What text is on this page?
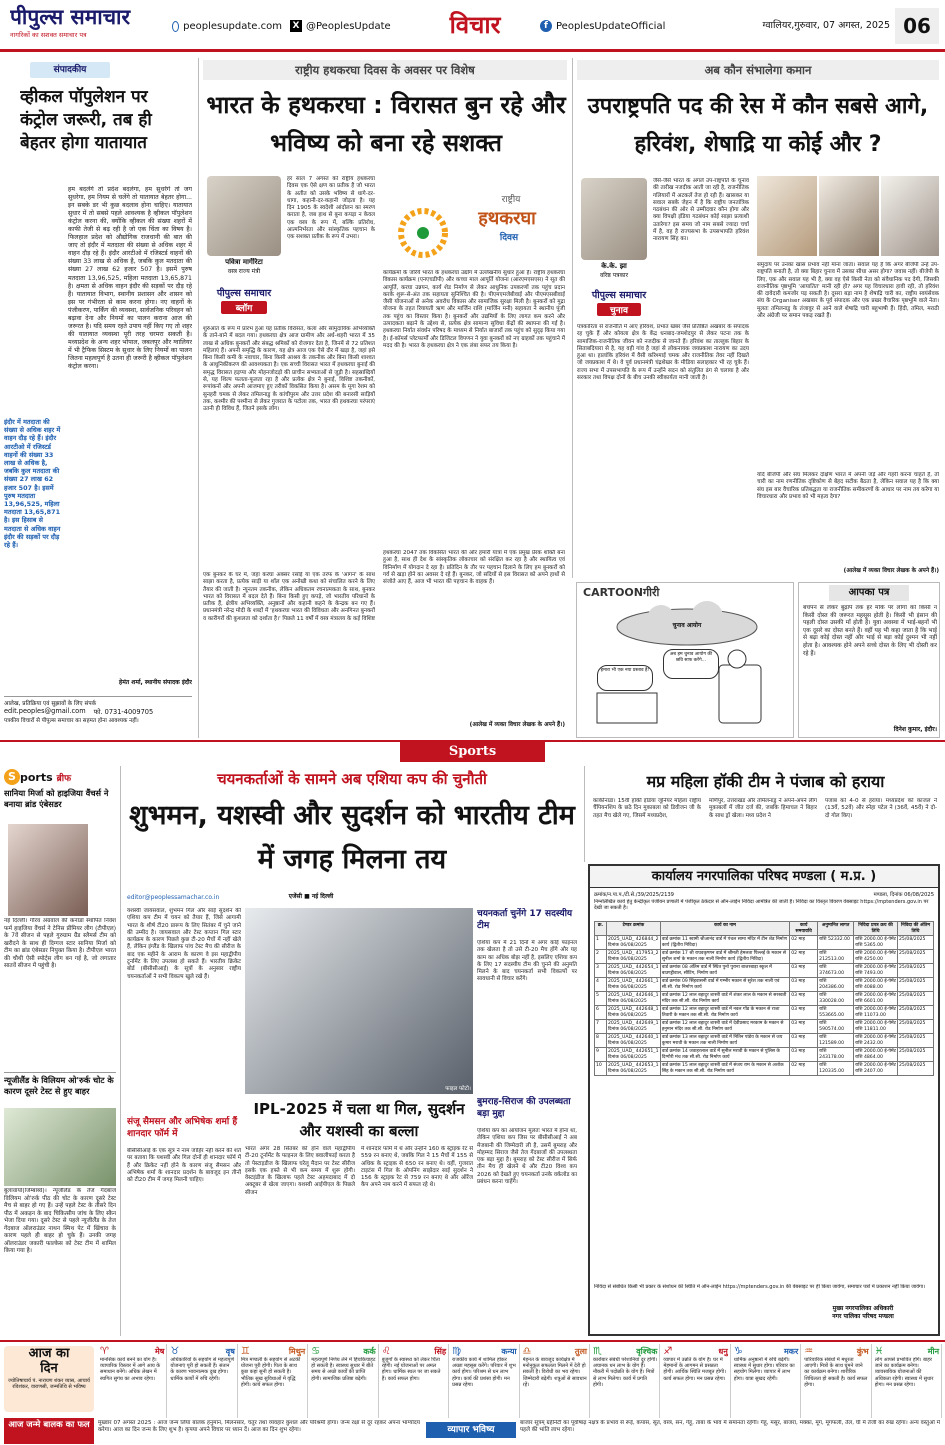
पीपुल्स समाचार
नागरिकों का सशक्त समाचार पत्र
peoplesupdate.com X @PeoplesUpdate	विचार	f PeoplesUpdateOfficial	ग्वालियर,गुरुवार, 07 अगस्त, 2025 06
संपादकीय
व्हीकल पॉपुलेशन पर कंट्रोल जरूरी, तब ही बेहतर होगा यातायात
इंदौर में मतदाता की संख्या से अधिक शहर में वाहन दौड़ रहे हैं। इंदौर आरटीओ में रजिस्टर्ड वाहनों की संख्या 33 लाख से अधिक है, जबकि कुल मतदाता की संख्या 27 लाख 62 हजार 507 है। इसमें पुरुष मतदाता 13,96,525, महिला मतदाता 13,65,871 है। इस हिसाब से मतदाता से अधिक वाहन इंदौर की सड़कों पर दौड़ रहे हैं।
हम बदलेंगे तो प्रदेश बदलेगा, हम सुधरेंगे तो जग सुधरेगा, हम नियम से चलेंगे तो यातायात बेहतर होगा... इन सबके डर भी कुछ बदलाव होना चाहिए। यातायात सुधार में तो सबसे पहले आवश्यक है व्हीकल पॉपुलेशन कंट्रोल करना की, क्योंकि व्हीकल की संख्या शहरों में काफी तेजी से बढ़ रही है जो एक चिंता का विषय है। फिलहाल प्रदेश को औद्योगिक राजधानी की बात की जाए तो इंदौर में मतदाता की संख्या से अधिक शहर में वाहन दौड़ रहे हैं। इंदौर आरटीओ में रजिस्टर्ड वाहनों की संख्या 33 लाख से अधिक है, जबकि कुल मतदाता की संख्या 27 लाख 62 हजार 507 है। इसमें पुरुष मतदाता 13,96,525, महिला मतदाता 13,65,871 है। क्षमता से अधिक वाहन इंदौर की सड़कों पर दौड़ रहे हैं। यातायात विभाग, स्थानीय प्रशासन और शासन को इस पर गंभीरता से काम करना होगा। नए वाहनों के पंजीकरण, पार्किंग की व्यवस्था, सार्वजनिक परिवहन को बढ़ावा देना और नियमों का पालन कराना आज की जरूरत है। यदि समय रहते उपाय नहीं किए गए तो शहर की यातायात व्यवस्था पूरी तरह चरमरा सकती है। मध्यप्रदेश के अन्य शहर भोपाल, जबलपुर और ग्वालियर में भी ट्रैफिक सिस्टम के सुधार के लिए नियमों का पालन जितना महत्वपूर्ण है उतना ही जरूरी है व्हीकल पॉपुलेशन कंट्रोल करना।
हेमंत शर्मा, स्थानीय संपादक इंदौर
आलेख, प्रतिक्रिया एवं सुझावों के लिए संपर्क
edit.peoples@gmail.com फो. 0731-4009705
पत्रकीय विचारों से पीपुल्स समाचार का सहमत होना आवश्यक नहीं।
राष्ट्रीय हथकरघा दिवस के अवसर पर विशेष
भारत के हथकरघा : विरासत बुन रहे और भविष्य को बना रहे सशक्त
पवित्रा मार्गेरिटा
वस्त्र राज्य मंत्री
पीपुल्स समाचार
ब्लॉग
हर साल 7 अगस्त को राष्ट्रीय हथकरघा दिवस एक ऐसे क्षण का प्रतीक है जो भारत के अतीत को उसके भविष्य से धागे-दर-धागा, कहानी-दर-कहानी जोड़ता है। यह दिन 1905 के स्वदेशी आंदोलन का स्मरण कराता है, जब हाथ से बुना कपड़ा न केवल एक वस्त्र के रूप में, बल्कि प्रतिरोध, आत्मनिर्भरता और सांस्कृतिक पहचान के एक सशक्त प्रतीक के रूप में उभरा।
राष्ट्रीय
हथकरघा
दिवस
शुरुआत के रूप में प्रारंभ हुआ यह प्रतीक विरासत, कला और सामुदायिक अभिव्यक्ति के ताने-बाने में बदल गया। हथकरघा क्षेत्र आज ग्रामीण और अर्ध-शहरी भारत में 35 लाख से अधिक बुनकरों और संबद्ध श्रमिकों को रोजगार देता है, जिनमें से 72 प्रतिशत महिलाएं हैं। अपनी समृद्धि के कारण, यह क्षेत्र आज एक ऐसे दौर में खड़ा है, जहां इसे बिना किसी कमी के नवाचार, बिना किसी आश्रय के तकनीक और बिना किसी शाश्वत के आधुनिकीकरण की आवश्यकता है। एक सच्ची विरासत भारत में हथकरघा बुनाई की समृद्ध विरासत हड़प्पा और मोहनजोदड़ो की प्राचीन सभ्यताओं से जुड़ी है। सहस्राब्दियों से, यह शिल्प फलता-फूलता रहा है और प्रत्येक क्षेत्र ने बुनाई, विशिष्ट तकनीकों, रूपांकनों और अपनी आजमाए हुए तरीकों विकसित किया है। असम के मूगा रेशम को सुनहरी चमक से लेकर तमिलनाडु के कांचीपुरम और उत्तर प्रदेश की बनारसी साड़ियों तक, कश्मीर की पश्मीना से लेकर गुजरात के पटोला तक, भारत की हथकरघा परंपराएं उतनी ही विविध हैं, जितने इसके लोग।
एक बुनकर के घर में, जहां करघा अक्सर रसोई या एक तरफ के 'आंगन' के साथ साझा करता है, प्रत्येक साड़ी या शॉल एक अनोखी कथा को संचालित करने के लिए तैयार की जाती है। न्यूनतम तकनीक, लेकिन अधिकतम रचनात्मकता के साथ, बुनकर भारत को विरासत में बदल देते हैं। बिना किसी हुए कपड़े, जो भारतीय परिधानों के प्रतीक हैं, क्षेत्रीय अभिव्यक्ति, अनुष्ठानों और कहानी कहने के केन्द्रक बन गए हैं। प्रधानमंत्री नरेन्द्र मोदी के शब्दों में 'हथकरघा भारत की विविधता और अनगिनत बुनकरों व कारीगरों की कुशलता को दर्शाता है।' पिछले 11 वर्षों में वस्त्र मंत्रालय के कई विशिष्ट
कार्यक्रमों के जरिये भारत के हथकरघा उद्योग में उल्लेखनीय सुधार हुआ है। राष्ट्रीय हथकरघा विकास कार्यक्रम (एनएचडीपी) और कच्चा माल आपूर्ति योजना (आरएमएसएस) ने सूत की आपूर्ति, करघा उन्नयन, कार्य शेड निर्माण से लेकर आधुनिक उपकरणों तक पहुंच प्रदान करके शुरू-से-अंत तक सहायता सुनिश्चित की है। पीएमएमजेबीवाई और पीएमएसबीवाई जैसी योजनाओं से अनेक अवरोध विकास और सामाजिक सुरक्षा मिली है। बुनकरों को मुद्रा योजना के तहत रियायती ऋण और मार्जिन राशि (मार्जिन मनी) सहायता ने स्थानीय पूंजी तक पहुंच का विस्तार किया है। बुनकरों और उद्यमियों के लिए लागत कम करने और उत्पादकता बढ़ाने के उद्देश्य से, प्रत्येक क्षेत्र सामान्य सुविधा केंद्रों की स्थापना की गई है। हथकरघा निर्यात संवर्धन परिषद के माध्यम से निर्यात बाजारों तक पहुंच को सुदृढ़ किया गया है। ई-कॉमर्स प्लेटफार्मों और डिजिटल विपणन ने युवा बुनकरों को नए ग्राहकों तक पहुंचाने में मदद की है। भारत के हथकरघा क्षेत्र ने एक लंबा सफर तय किया है।
हथकरघा 2047 तक विकसित भारत की ओर हमारी यात्रा में एक प्रमुख प्रेरक शक्ति बना हुआ है, साथ ही देश के सांस्कृतिक लोकाचार को संरक्षित कर रहा है और स्थायित्व एवं विनिर्माण में योगदान दे रहा है। प्रतिदिन के तौर पर पहचान दिलाने के लिए हम बुनकरों को गर्व से खड़ा होने का अवसर दे रहे हैं। बुनकर, जो सदियों से इस विरासत को अपने हाथों से संजोते आए हैं, आज भी भारत की पहचान के वाहक हैं।
(आलेख में व्यक्त विचार लेखक के अपने हैं।)
अब कौन संभालेगा कमान
उपराष्ट्रपति पद की रेस में कौन सबसे आगे, हरिवंश, शेषाद्रि या कोई और ?
के.के. झा
वरिष्ठ पत्रकार
पीपुल्स समाचार
चुनाव
जैसे-जैसे भारत के अगले उप-राष्ट्रपति के चुनाव की तारीख नजदीक आती जा रही है, राजनीतिक गलियारों में अटकलें तेज हो रही हैं। खासकर या सवाल सबके जेहन में है कि राष्ट्रीय जनतांत्रिक गठबंधन की ओर से उम्मीदवार कौन होगा और क्या विपक्षी इंडिया गठबंधन कोई साझा प्रत्याशी उतारेगा? इस समय जो नाम सबसे ज्यादा चर्चा में है, वह है राज्यसभा के उपसभापति हरिवंश नारायण सिंह का।
पत्रकारिता से राजनीति में आए हरिवंश, प्रभात खबर जैसे प्रतिष्ठित अखबार के संपादक रह चुके हैं और कोयला क्षेत्र के केंद्र धनबाद-जमशेदपुर से लेकर पटना तक के सामाजिक-राजनीतिक जीवन को नजदीक से जानते हैं। हरिवंश का ताल्लुक बिहार के सिताबदियारा से है, यह वही गांव है जहां से लोकनायक जयप्रकाश नारायण का उदय हुआ था। हालांकि हरिवंश में वैसी करिश्माई चमक और राजनीतिक तेवर नहीं दिखते जो जयप्रकाश में थे। वे पूर्व प्रधानमंत्री चंद्रशेखर के मीडिया सलाहकार भी रह चुके हैं। राज्य सभा में उपसभापति के रूप में उन्होंने सदन को संतुलित ढंग से चलाया है और सरकार तथा विपक्ष दोनों के बीच उनकी स्वीकार्यता मानी जाती है।
समुदाय पर उनका खास प्रभाव नहीं माना जाता। सवाल यह है कि अगर बीजेपी उन्हें उप-राष्ट्रपति बनाती है, तो क्या बिहार चुनाव में उसका सीधा असर होगा? जवाब नहीं। बीजेपी के लिए, एक और सवाल यह भी है, क्या वह ऐसे किसी नेता को संवैधानिक पद देगी, जिसकी राजनीतिक पृष्ठभूमि 'आयातित' मानी रही हो? अगर यह विचारधारा हावी रही, तो हरिवंश की दावेदारी कमजोर पड़ सकती है। दूसरा बड़ा नाम है शेषाद्रि चारी का, राष्ट्रीय स्वयंसेवक संघ के Organiser अखबार के पूर्व संपादक और एक प्रखर वैचारिक पृष्ठभूमि वाले नेता। मूलतः तमिलनाडु के तंजावुर से आने वाले शेषाद्रि चारी बहुभाषी हैं। हिंदी, तमिल, मराठी और अंग्रेजी पर समान पकड़ रखते हैं।
यदि बीजेपी और संघ मिलकर दक्षिण भारत में अपनी जड़ें और गहरी करना चाहते हैं, तो चारी का नाम रणनीतिक दृष्टिकोण से बेहद सटीक बैठता है, लेकिन सवाल यह है कि क्या संघ इस बार वैचारिक प्रतिबद्धता या राजनीतिक समीकरणों के आधार पर नाम तय करेगा या विचारधारा और प्रभाव को भी महत्व देगा?
(आलेख में व्यक्त विचार लेखक के अपने हैं।)
CARTOONगीरी
चुनाव आयोग
अब हम चुनाव आयोग की छवि साफ करेंगे...
हमारा भी एक नया प्रस्ताव है!
आपका पत्र
बचपन से लेकर बुढ़ापे तक हर मौके पर लोगों को किसी न किसी दोस्त की जरूरत महसूस होती है। किसी भी इंसान की पहली दोस्त उसकी माँ होती है। युवा अवस्था में भाई-बहनों भी एक दूसरे का दोस्त बनते हैं। वहीं यह भी कहा जाता है कि भाई से बढ़ा कोई दोस्त नहीं और भाई से बड़ा कोई दुश्मन भी नहीं होता है। आवश्यक होने अपने सच्चे दोस्त के लिए भी दोस्ती कर रहे हैं।
दिनेश कुमार, इंदौर।
Sports
S ports ब्रीफ
सानिया मिर्जा को हाइजिया वैंचर्स ने बनाया ब्रांड एंबेसडर
नई दिल्ली। गौरव अग्रवाल की कनाडा स्थापित निवेश फर्म हाइजिया वैंचर्स ने टेनिस प्रीमियर लीग (टीपीएल) के 7वें सीजन से पहले गुरुग्राम ग्रैंड स्लैमर्स टीम को खरीदने के साथ ही दिग्गज स्टार सानिया मिर्जा को टीम का ब्रांड एंबेसडर नियुक्त किया है। टीपीएल भारत की चौथी ऐसी स्पोर्ट्स लीग बन गई है, जो लगातार सातवें सीजन में पहुंची है।
न्यूजीलैंड के विलियम ओ'रुर्क चोट के कारण दूसरे टेस्ट से हुए बाहर
बुलावायो(जिम्बाब्वे)। न्यूजीलैंड के तेज गेंदबाज विलियम ओ'रुर्क पीठ की चोट के कारण दूसरे टेस्ट मैच से बाहर हो गए हैं। उन्हें पहले टेस्ट के तीसरे दिन पीठ में अकड़न के बाद चिकित्सीय जांच के लिए स्कैन भेजा दिया गया। दूसरे टेस्ट से पहले न्यूजीलैंड के तेज गेंदबाज ऑलराउंडर नाथन स्मिथ पेट में खिंचाव के कारण पहले ही बाहर हो चुके हैं। उनकी जगह ऑलराउंडर जकारी फाल्केस को टेस्ट टीम में शामिल किया गया है।
चयनकर्ताओं के सामने अब एशिया कप की चुनौती
शुभमन, यशस्वी और सुदर्शन को भारतीय टीम में जगह मिलना तय
एजेंसी ■ नई दिल्ली
editor@peoplessamachar.co.in
यशस्वी जायसवाल, शुभमन गिल और साई सुदर्शन की एशिया कप टीम में चयन को तैयार हैं, जिसे आगामी भारत के शीर्ष टी20 प्रारूप के लिए सितंबर में चुने जाने की उम्मीद है। जायसवाल और टेस्ट कप्तान गिल स्टार कार्यक्रम के कारण पिछले कुछ टी-20 मैचों में नहीं खेले हैं, लेकिन इंग्लैंड के खिलाफ पांच टेस्ट मैच की सीरीज के बाद एक महीने के आराम के कारण वे इस महाद्वीपीय टूर्नामेंट के लिए उपलब्ध हो सकते हैं। भारतीय क्रिकेट बोर्ड (बीसीसीआई) के सूत्रों के अनुसार राष्ट्रीय चयनकर्ताओं ने सभी विकल्प खुले रखे हैं।
संजू सैमसन और अभिषेक शर्मा हैं शानदार फॉर्म में
बीसीसीआई के एक सूत्र ने नाम जाहिर नहीं करने की शर्त पर बताया कि यशस्वी और गिल दोनों ही शानदार फॉर्म में हैं और क्रिकेट नहीं होने के कारण संजू सैमसन और अभिषेक शर्मा के शानदार प्रदर्शन के बावजूद इन तीनों को टी20 टीम में जगह मिलनी चाहिए।
फाइल फोटो।
IPL-2025 में चला था गिल, सुदर्शन और यशस्वी का बल्ला
भारत अगर 28 सितंबर को होने वाले महाद्वीपीय टी-20 टूर्नामेंट के फाइनल के लिए क्वालीफाई करता है तो पेस्टाइडीज के खिलाफ घरेलू मैदान पर टेस्ट सीरीज इसके एक हफ्ते से भी कम समय में शुरू होगी। वेस्टइंडीज के खिलाफ पहले टेस्ट अहमदाबाद में दो अक्टूबर से खेला जाएगा। यशस्वी आईपीएल के पिछले सीजन
में शानदार फॉर्म में थे और उन्होंने 160 के स्ट्राइक रेट से 559 रन बनाए थे, जबकि गिल ने 15 मैचों में 155 से अधिक के स्ट्राइक से 650 रन बनाए थे। वहीं, गुजरात टाइटंस में गिल के ओपनिंग साझेदार साई सुदर्शन ने 156 के स्ट्राइक रेट से 759 रन बनाए थे और ऑरेंज कैप अपने नाम करने में सफल रहे थे।
चयनकर्ता चुनेंगे 17 सदस्यीय टीम
एशिया कप में 21 दिनों में अगर कोई फाइनल तक खेलता है तो उसे टी-20 मैच होंगे और यह काम का अधिक बोझ नहीं है, इसलिए एशिया कप के लिए 17 सदस्यीय टीम की चुनने की अनुमति मिलने के बाद चयनकर्ता सभी विकल्पों पर सावधानी से विचार करेंगे।
बुमराह-सिराज की उपलब्धता बड़ा मुद्दा
एशिया कप का आयोजन मूलतः भारत में होना था, लेकिन एशिया कप जिस पर बीसीसीआई ने अब मेजबानी की जिम्मेदारी ली है, उसमें बुमराह और मोहम्मद सिराज जैसे तेज गेंदबाजों की उपलब्धता एक बड़ा मुद्दा है। बुमराह को टेस्ट सीरीज में सिर्फ तीन मैच ही खेलने थे और टी20 विश्व कप 2026 को देखते हुए चयनकर्ता उनके वर्कलोड का प्रबंधन करना चाहेंगे।
मप्र महिला हॉकी टीम ने पंजाब को हराया
काकीनाडा। 15वीं हॉकी इंडिया जूनियर महिला राष्ट्रीय चैंपियनशिप के छठे दिन मुकाबला को डिवीजन जी के तहत मैच खेले गए, जिसमें मध्यप्रदेश,
मणिपुर, उत्तराखंड और तमिलनाडु ने अपने-अपने लीग मुकाबलों में जीत दर्ज की, जबकि हिमाचल ने बिहार के साथ ड्रॉ खेला। मध्य प्रदेश ने
पंजाब को 4-0 से हराया। मध्यप्रदेश को काजल ने (13वें, 52वें) और स्नेहा पटेल ने (36वें, 45वें) ने दो-दो गोल किए।
कार्यालय नगरपालिका परिषद मण्डला ( म.प्र. )
क्रमांक/न.पा.प./टी.से./39/2025/2139	मण्डला, दिनांक 06/08/2025
निम्नलिखित कार्य हेतु केन्द्रीकृत पंजीयन प्रणाली में पंजीकृत ठेकेदार से ऑन-लाईन निविदा आमंत्रित की जाती है। निविदा का विस्तृत विवरण वेबसाइट https://mptenders.gov.in पर देखी जा सकती है।
क्र.	टेण्डर क्रमांक	कार्य का नाम	कार्य समयावधि	अनुमानित लागत	निविदा प्रपत्र क्रय की तिथि	निविदा की अंतिम तिथि
1	2025_UAD_ 426844_2 दिनांक 06/08/2025	वार्ड क्रमांक 11 स्वामी श्रीआनंद वार्ड में पंचल सामा मंदिर में टीन शेड निर्माण कार्य (द्वितीय निविदा)	02 माह	राशि 52332.00	राशि 2000.00 ई-पेमेंट राशि 5365.00	25/08/2025
2	2025_UAD_ 417953_2 दिनांक 06/08/2025	वार्ड क्रमांक 17 श्री राघवकृष्णन वार्ड में श्रीमती हेमलता पिल्लई के मकान से सुनील शर्मा के मकान तक नाली निर्माण कार्य (द्वितीय निविदा)	02 माह	राशि 212513.00	राशि 2000.00 ई-पेमेंट राशि 4250.00	25/08/2025
3	2025_UAD_ 442654_1 दिनांक 06/08/2025	वार्ड क्रमांक 08 अंतिम वार्ड में स्थित पुनो पुराना बाजरबाड़ा स्कूल में बाउण्ड्रीवाल, सीटिंग, निर्माण कार्य	03 माह	राशि 374673.00	राशि 2000.00 ई-पेमेंट राशि 7493.00	25/08/2025
4	2025_UAD_ 442661_1 दिनांक 06/08/2025	वार्ड क्रमांक 09 सिंहवासनी वार्ड में गम्भीर मकान से सुरेश तक नाली एवं सी.सी. रोड निर्माण कार्य	03 माह	राशि 204386.00	राशि 2000.00 ई-पेमेंट राशि 4088.00	25/08/2025
5	2025_UAD_ 442646_1 दिनांक 06/08/2025	वार्ड क्रमांक 12 लाल बहादुर शास्त्री वार्ड में शंकर लाल के मकान से सरस्वती मंदिर तक सी.सी. रोड निर्माण कार्य	03 माह	राशि 330028.00	राशि 2000.00 ई-पेमेंट राशि 6601.00	25/08/2025
6	2025_UAD_ 442648_1 दिनांक 06/08/2025	वार्ड क्रमांक 12 लाल बहादुर शास्त्री वार्ड में नवल गोंड के मकान से राजा तिवारी के मकान तक सी.सी. रोड निर्माण कार्य	03 माह	राशि 553665.00	राशि 2000.00 ई-पेमेंट राशि 11073.00	25/08/2025
7	2025_UAD_ 442649_1 दिनांक 06/08/2025	वार्ड क्रमांक 12 लाल बहादुर शास्त्री वार्ड में देवीप्रसाद मरकाम के मकान से हनुमान मंदिर तक सी.सी. रोड निर्माण कार्य	03 माह	राशि 590574.00	राशि 2000.00 ई-पेमेंट राशि 11811.00	25/08/2025
8	2025_UAD_ 442640_1 दिनांक 06/08/2025	वार्ड क्रमांक 13 लाल बहादुर शास्त्री वार्ड में नितिन पांडेय के मकान से जय कुमार मरावी के मकान तक नाली निर्माण कार्य	03 माह	राशि 121589.00	राशि 2000.00 ई-पेमेंट राशि 2432.00	25/08/2025
9	2025_UAD_ 442651_1 दिनांक 06/08/2025	वार्ड क्रमांक 14 जवाहरलाल वार्ड में सुनील मरावी के मकान से पुलिस के दिग्गौरी मंच तक सी.सी. रोड निर्माण कार्य	03 माह	राशि 243178.00	राशि 2000.00 ई-पेमेंट राशि 4864.00	25/08/2025
10	2025_UAD_ 442653_1 दिनांक 06/08/2025	वार्ड क्रमांक 15 लाल बहादुर शास्त्री वार्ड में संजय राम के मकान से अशोक सिंह के मकान तक सी.सी. रोड निर्माण कार्य	02 माह	राशि 120335.00	राशि 2000.00 ई-पेमेंट राशि 2407.00	25/08/2025
निविदा से संबंधित किसी भी प्रकार के संशोधन की स्थिति में ऑन-लाईन https://mptenders.gov.in की वेबसाइट पर ही किया जावेगा, समाचार पत्रों में प्रकाशन नहीं किया जावेगा।
मुख्य नगरपालिका अधिकारी
नगर पालिका परिषद मण्डला
आज का
दिन
ज्योतिषाचार्य पं. नारायण शंकर व्यास, आचार्य रविशंकर, वाराणसी, जन्मतिथि से भविष्य
♈	मेष
मानसिक कार्य बनने का योग है। व्यापारिक विस्तार में आगे आय के समाधान बनेंगे। अधिक लेखन में स्थगित सुगंध का अभाव रहेगा।
♉	वृष
अधिकारियों के सहयोग से महत्वपूर्ण योजनाएं पूरी हो सकती हैं। संतान के कारण भावनात्मक दुख होगा। धार्मिक कार्यों में रुचि रहेगी।
♊	मिथुन
मित्र मण्डली के सहयोग से अटकी योजना पूरी होगी। पिता के साथ कुछ कहा सुनी हो सकती है। भौतिक सुख सुविधाओं में वृद्धि होगी। कार्य सफल होगा।
♋	कर्क
महत्वपूर्ण निर्णय लेने में हिचकिचाहट हो सकती है। स्वास्थ्य सुधार में बीते समय से अच्छे कार्यों की प्राप्ति होगी। सामाजिक प्रतिष्ठा बढ़ेगी।
♌	सिंह
बुजुर्गों के स्वास्थ्य को लेकर चिंता रहेगी। नई योजनाओं पर अमल होगा। धार्मिक स्थल पर जा सकते हैं। कार्य सफल होगा।
♍	कन्या
राजकीय कार्य में शामिल होकर अच्छा महसूस करेंगे। परिवार में शुभ कार्य होगा। परिश्रम से धन लाभ होगा। कार्य की प्रशंसा होगी। मन प्रसन्न रहेगा।
♎	तुला
मेहनत के बावजूद कार्यक्षेत्र में मनोनुकूल सफलता मिलने में देरी हो सकती है। विरोधी का भय रहेगा। जिम्मेदारी बढ़ेगी। शत्रुओं से सावधान रहें।
♏	वृश्चिक
कारोबार संबंधी परेशानियां दूर होंगी। अचानक धन लाभ के योग हैं। नौकरी में पदोन्नति के योग हैं। मित्रों से लाभ मिलेगा। कार्य में प्रगति होगी।
♐	धनु
व्यापार में उन्नति के योग हैं। घर में मेहमानों के आगमन से प्रसन्नता होगी। आर्थिक स्थिति मजबूत होगी। कार्य सफल होगा। मन प्रसन्न रहेगा।
♑	मकर
धार्मिक अनुष्ठानों में रुचि बढ़ेगी। स्वास्थ्य में सुधार होगा। परिवार का सहयोग मिलेगा। व्यापार में लाभ होगा। यात्रा सुखद रहेगी।
♒	कुंभ
पारिवारिक संबंधों में मधुरता आएगी। मित्रों के साथ घूमने जाने का कार्यक्रम बनेगा। शारीरिक शिथिलता हो सकती है। कार्य सफल होगा।
♓	मीन
लोग आपसे प्रभावित होंगे। बाहर जाने का कार्यक्रम बनेगा। व्यावसायिक योजनाओं की अधिकता रहेगी। स्वास्थ्य में सुधार होगा। मन प्रसन्न रहेगा।
आज जन्मे बालक का फल	मुख्वार 07 अगस्त 2025 : आज जन्म लिया बालक हनुमान, मिलनसार, चतुर तथा व्यवहार कुशल और परिश्रमी होगा। जन्म रक्षा से दूर रहकर अपना भाग्योदय करेगा। आज का दिन जन्म के लिए शुभ है। कृपया अपने विचार पर ध्यान दें। आज का दिन शुभ रहेगा।	व्यापार भविष्य
बाजार सूत्रम् ग्रहीनेटी का पूर्वाषाढ़ नक्षत्र के प्रभाव से रूई, कपास, सूत, वस्त्र, सन, गेहूं, तांबा के भाव में समानता रहेगी। गेहूं, मसूर, बाजरा, मक्का, मूंग, मूंगफली, तेल, घी में तेजी का रुख रहेगा। अन्य वस्तुओं में पहले की भांति लाभ रहेगा।
